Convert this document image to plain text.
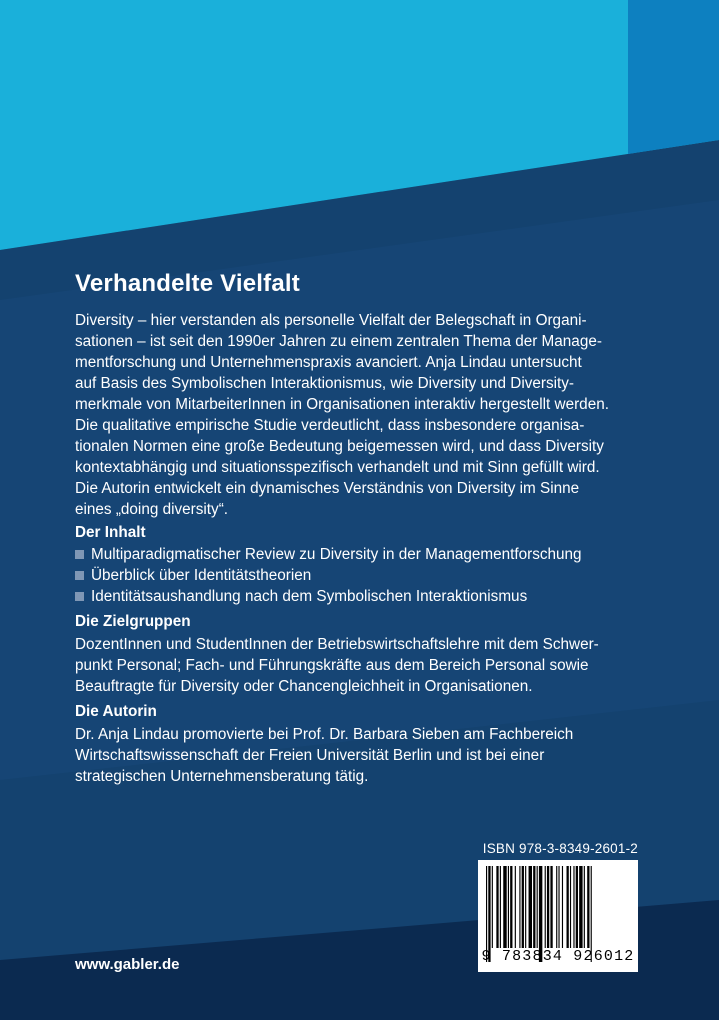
Verhandelte Vielfalt
Diversity – hier verstanden als personelle Vielfalt der Belegschaft in Organi-
sationen – ist seit den 1990er Jahren zu einem zentralen Thema der Manage-
mentforschung und Unternehmenspraxis avanciert. Anja Lindau untersucht
auf Basis des Symbolischen Interaktionismus, wie Diversity und Diversity-
merkmale von MitarbeiterInnen in Organisationen interaktiv hergestellt werden.
Die qualitative empirische Studie verdeutlicht, dass insbesondere organisa-
tionalen Normen eine große Bedeutung beigemessen wird, und dass Diversity
kontextabhängig und situationsspezifisch verhandelt und mit Sinn gefüllt wird.
Die Autorin entwickelt ein dynamisches Verständnis von Diversity im Sinne
eines „doing diversity“.
Der Inhalt
Multiparadigmatischer Review zu Diversity in der Managementforschung
Überblick über Identitätstheorien
Identitätsaushandlung nach dem Symbolischen Interaktionismus
Die Zielgruppen
DozentInnen und StudentInnen der Betriebswirtschaftslehre mit dem Schwer-
punkt Personal; Fach- und Führungskräfte aus dem Bereich Personal sowie
Beauftragte für Diversity oder Chancengleichheit in Organisationen.
Die Autorin
Dr. Anja Lindau promovierte bei Prof. Dr. Barbara Sieben am Fachbereich
Wirtschaftswissenschaft der Freien Universität Berlin und ist bei einer
strategischen Unternehmensberatung tätig.
ISBN 978-3-8349-2601-2
9 783834 926012
www.gabler.de
